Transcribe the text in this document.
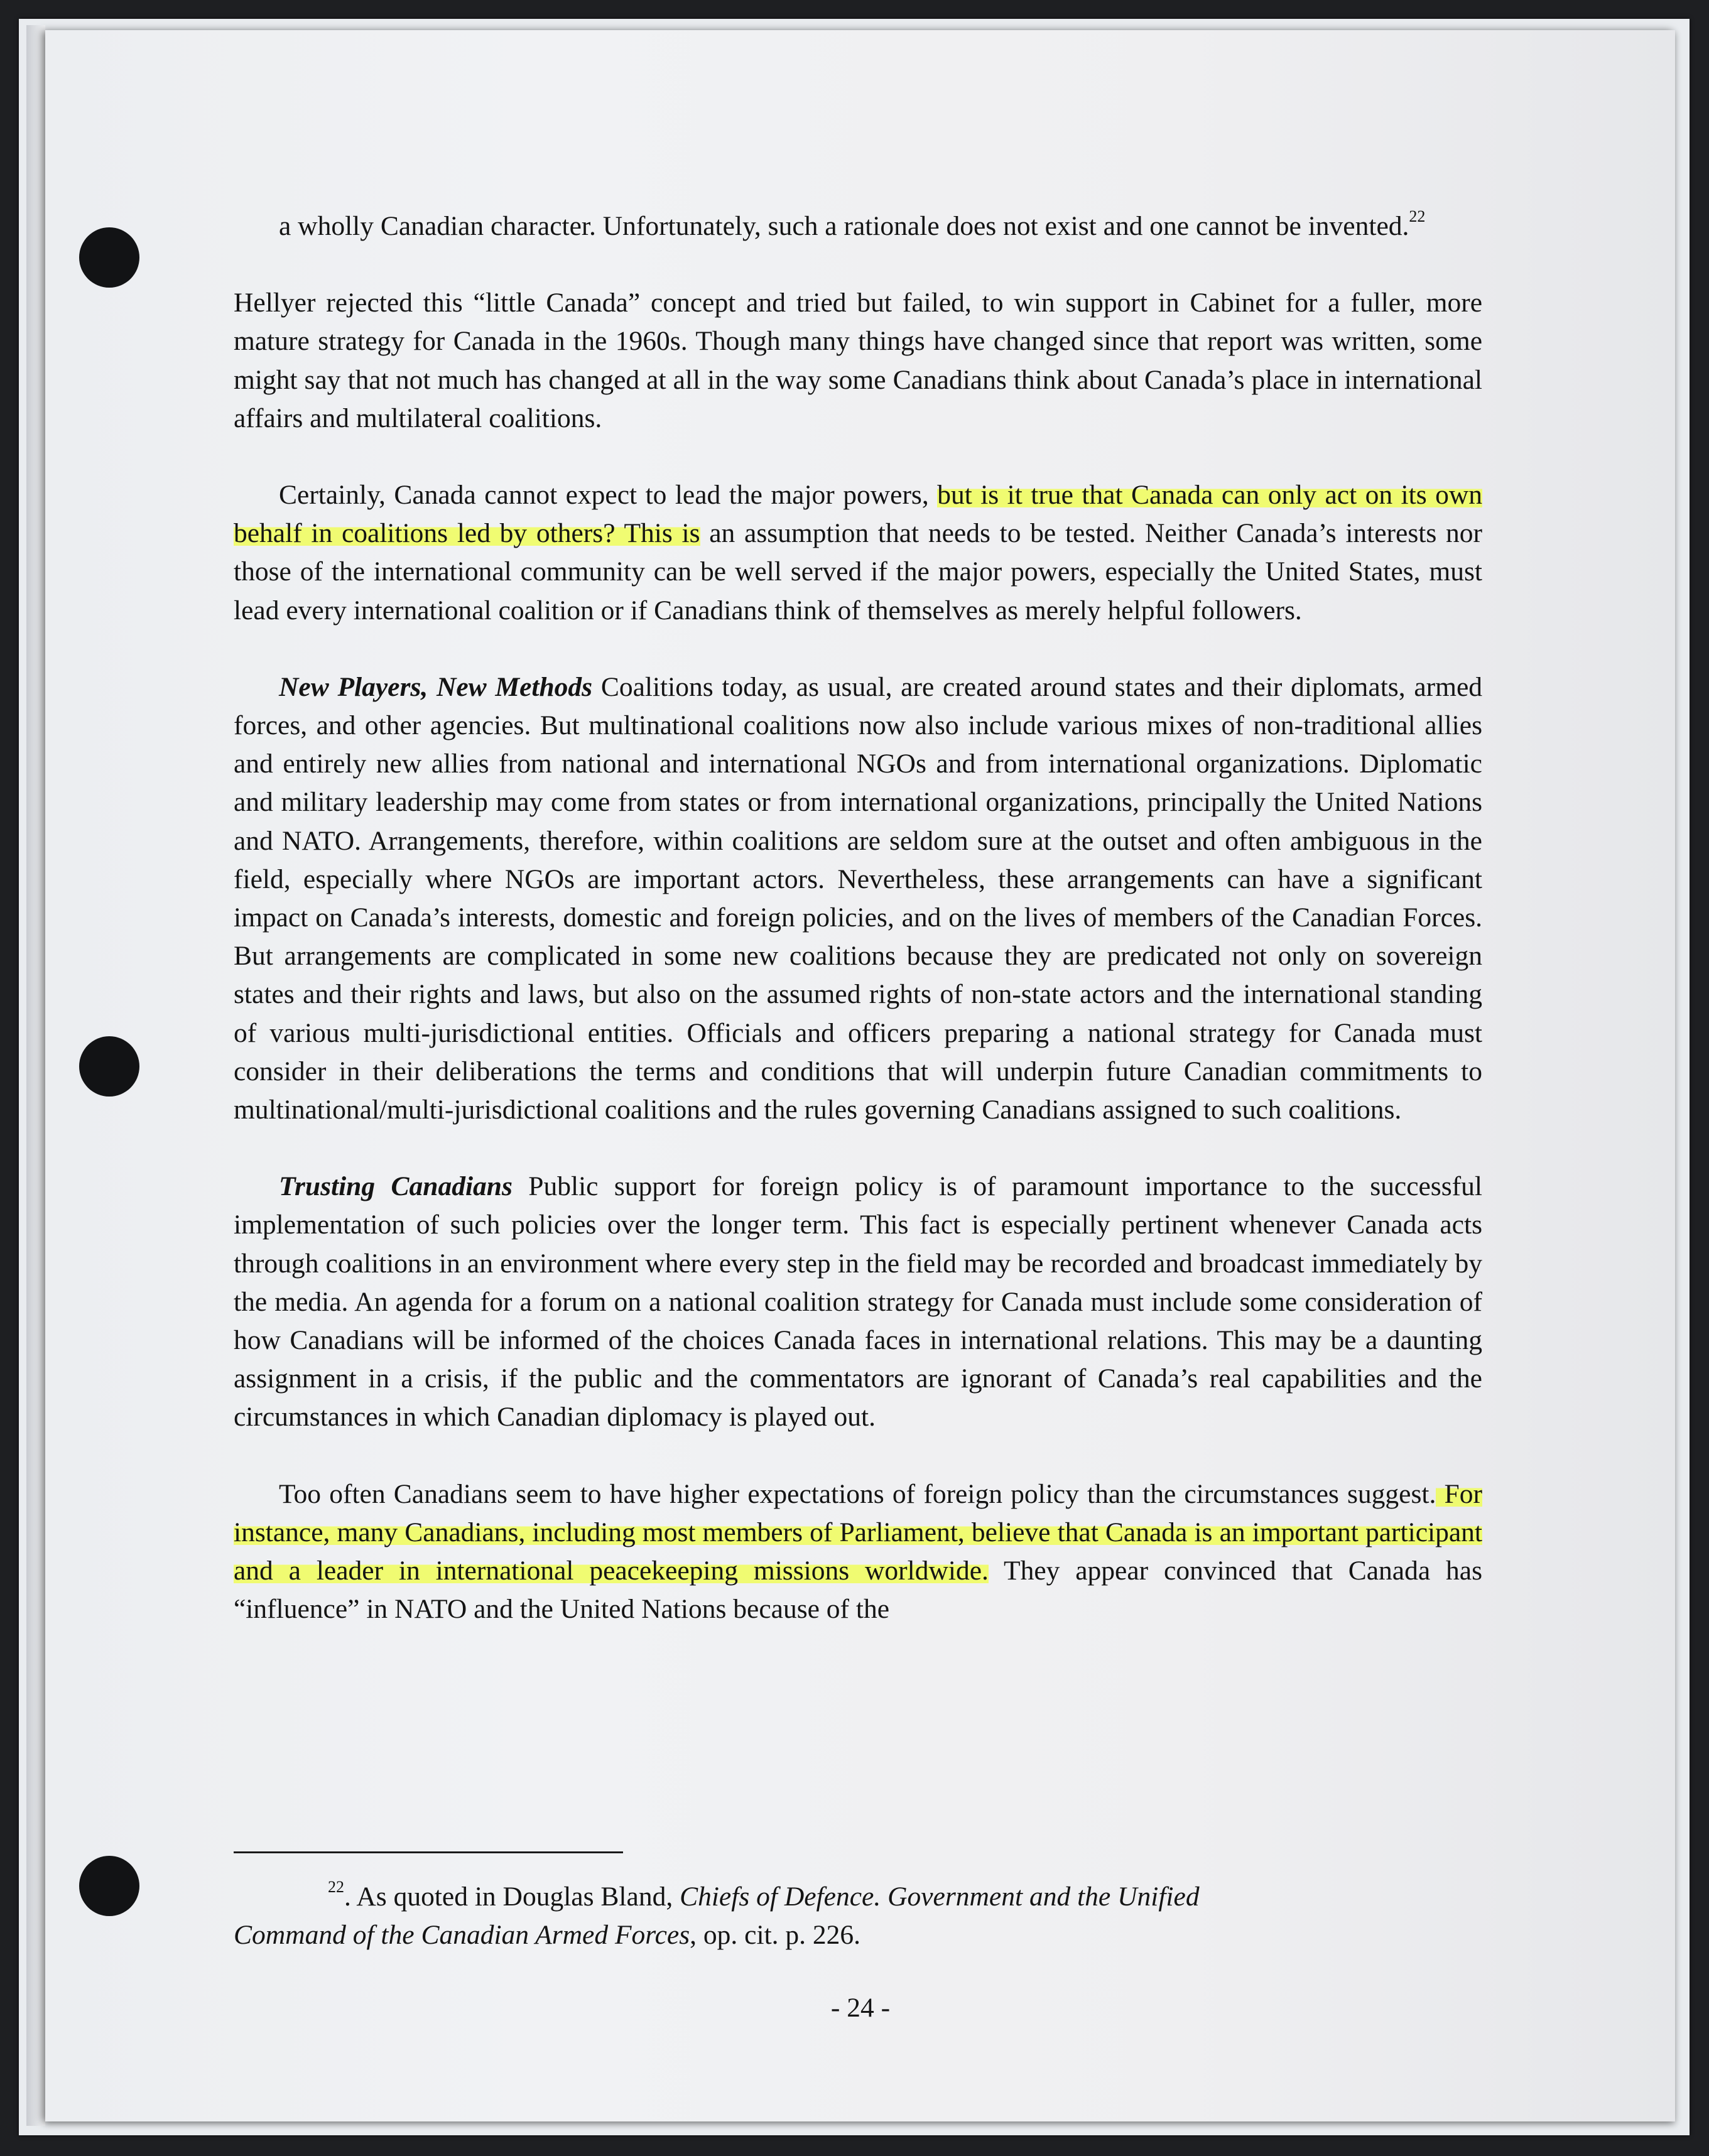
a wholly Canadian character. Unfortunately, such a rationale does not exist and one cannot be invented.$^{22}$

Hellyer rejected this “little Canada” concept and tried but failed, to win support in Cabinet for a fuller, more mature strategy for Canada in the 1960s. Though many things have changed since that report was written, some might say that not much has changed at all in the way some Canadians think about Canada’s place in international affairs and multilateral coalitions.

Certainly, Canada cannot expect to lead the major powers, but is it true that Canada can only act on its own behalf in coalitions led by others? This is an assumption that needs to be tested. Neither Canada’s interests nor those of the international community can be well served if the major powers, especially the United States, must lead every international coalition or if Canadians think of themselves as merely helpful followers.

New Players, New Methods Coalitions today, as usual, are created around states and their diplomats, armed forces, and other agencies. But multinational coalitions now also include various mixes of non-traditional allies and entirely new allies from national and international NGOs and from international organizations. Diplomatic and military leadership may come from states or from international organizations, principally the United Nations and NATO. Arrangements, therefore, within coalitions are seldom sure at the outset and often ambiguous in the field, especially where NGOs are important actors. Nevertheless, these arrangements can have a significant impact on Canada’s interests, domestic and foreign policies, and on the lives of members of the Canadian Forces. But arrangements are complicated in some new coalitions because they are predicated not only on sovereign states and their rights and laws, but also on the assumed rights of non-state actors and the international standing of various multi-jurisdictional entities. Officials and officers preparing a national strategy for Canada must consider in their deliberations the terms and conditions that will underpin future Canadian commitments to multinational/multi-jurisdictional coalitions and the rules governing Canadians assigned to such coalitions.

Trusting Canadians Public support for foreign policy is of paramount importance to the successful implementation of such policies over the longer term. This fact is especially pertinent whenever Canada acts through coalitions in an environment where every step in the field may be recorded and broadcast immediately by the media. An agenda for a forum on a national coalition strategy for Canada must include some consideration of how Canadians will be informed of the choices Canada faces in international relations. This may be a daunting assignment in a crisis, if the public and the commentators are ignorant of Canada’s real capabilities and the circumstances in which Canadian diplomacy is played out.

Too often Canadians seem to have higher expectations of foreign policy than the circumstances suggest. For instance, many Canadians, including most members of Parliament, believe that Canada is an important participant and a leader in international peacekeeping missions worldwide. They appear convinced that Canada has “influence” in NATO and the United Nations because of the

$^{22}$. As quoted in Douglas Bland, Chiefs of Defence. Government and the Unified
Command of the Canadian Armed Forces, op. cit. p. 226.
- 24 -
